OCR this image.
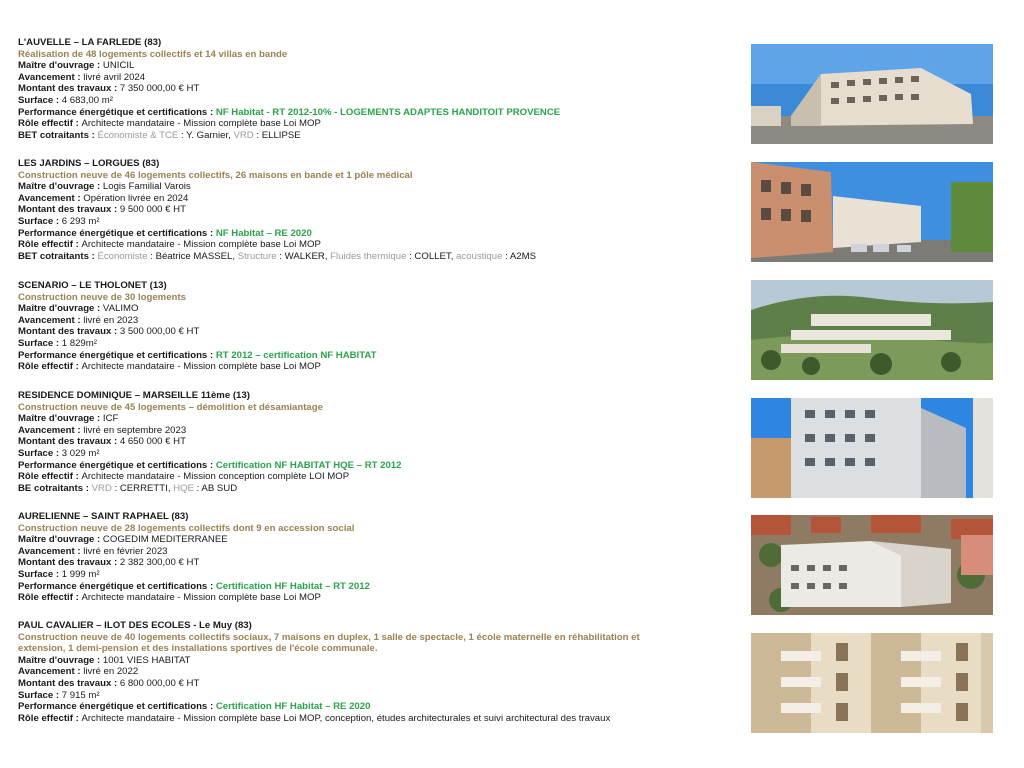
L'AUVELLE – LA FARLEDE (83)
Réalisation de 48 logements collectifs et 14 villas en bande
Maître d'ouvrage : UNICIL
Avancement : livré avril 2024
Montant des travaux : 7 350 000,00 € HT
Surface : 4 683,00 m²
Performance énergétique et certifications : NF Habitat - RT 2012-10% - LOGEMENTS ADAPTES HANDITOIT PROVENCE
Rôle effectif : Architecte mandataire - Mission complète base Loi MOP
BET cotraitants : Économiste & TCE : Y. Garnier, VRD : ELLIPSE
LES JARDINS – LORGUES (83)
Construction neuve de 46 logements collectifs, 26 maisons en bande et 1 pôle médical
Maître d'ouvrage : Logis Familial Varois
Avancement : Opération livrée en 2024
Montant des travaux : 9 500 000 € HT
Surface : 6 293 m²
Performance énergétique et certifications : NF Habitat – RE 2020
Rôle effectif : Architecte mandataire - Mission complète base Loi MOP
BET cotraitants : Économiste : Béatrice MASSEL, Structure : WALKER, Fluides thermique : COLLET, acoustique : A2MS
SCENARIO – LE THOLONET (13)
Construction neuve de 30 logements
Maître d'ouvrage : VALIMO
Avancement : livré en 2023
Montant des travaux : 3 500 000,00 € HT
Surface : 1 829m²
Performance énergétique et certifications : RT 2012 – certification NF HABITAT
Rôle effectif : Architecte mandataire - Mission complète base Loi MOP
RESIDENCE DOMINIQUE – MARSEILLE 11ème (13)
Construction neuve de 45 logements – démolition et désamiantage
Maître d'ouvrage : ICF
Avancement : livré en septembre 2023
Montant des travaux : 4 650 000 € HT
Surface : 3 029 m²
Performance énergétique et certifications : Certification NF HABITAT HQE – RT 2012
Rôle effectif : Architecte mandataire - Mission conception complète LOI MOP
BE cotraitants : VRD : CERRETTI, HQE : AB SUD
AURELIENNE – SAINT RAPHAEL (83)
Construction neuve de 28 logements collectifs dont 9 en accession social
Maître d'ouvrage : COGEDIM MEDITERRANEE
Avancement : livré en février 2023
Montant des travaux : 2 382 300,00 € HT
Surface : 1 999 m²
Performance énergétique et certifications : Certification HF Habitat – RT 2012
Rôle effectif : Architecte mandataire - Mission complète base Loi MOP
PAUL CAVALIER – ILOT DES ECOLES - Le Muy (83)
Construction neuve de 40 logements collectifs sociaux, 7 maisons en duplex, 1 salle de spectacle, 1 école maternelle en réhabilitation et
extension, 1 demi-pension et des installations sportives de l'école communale.
Maître d'ouvrage : 1001 VIES HABITAT
Avancement : livré en 2022
Montant des travaux : 6 800 000,00 € HT
Surface : 7 915 m²
Performance énergétique et certifications : Certification HF Habitat – RE 2020
Rôle effectif : Architecte mandataire - Mission complète base Loi MOP, conception, études architecturales et suivi architectural des travaux
